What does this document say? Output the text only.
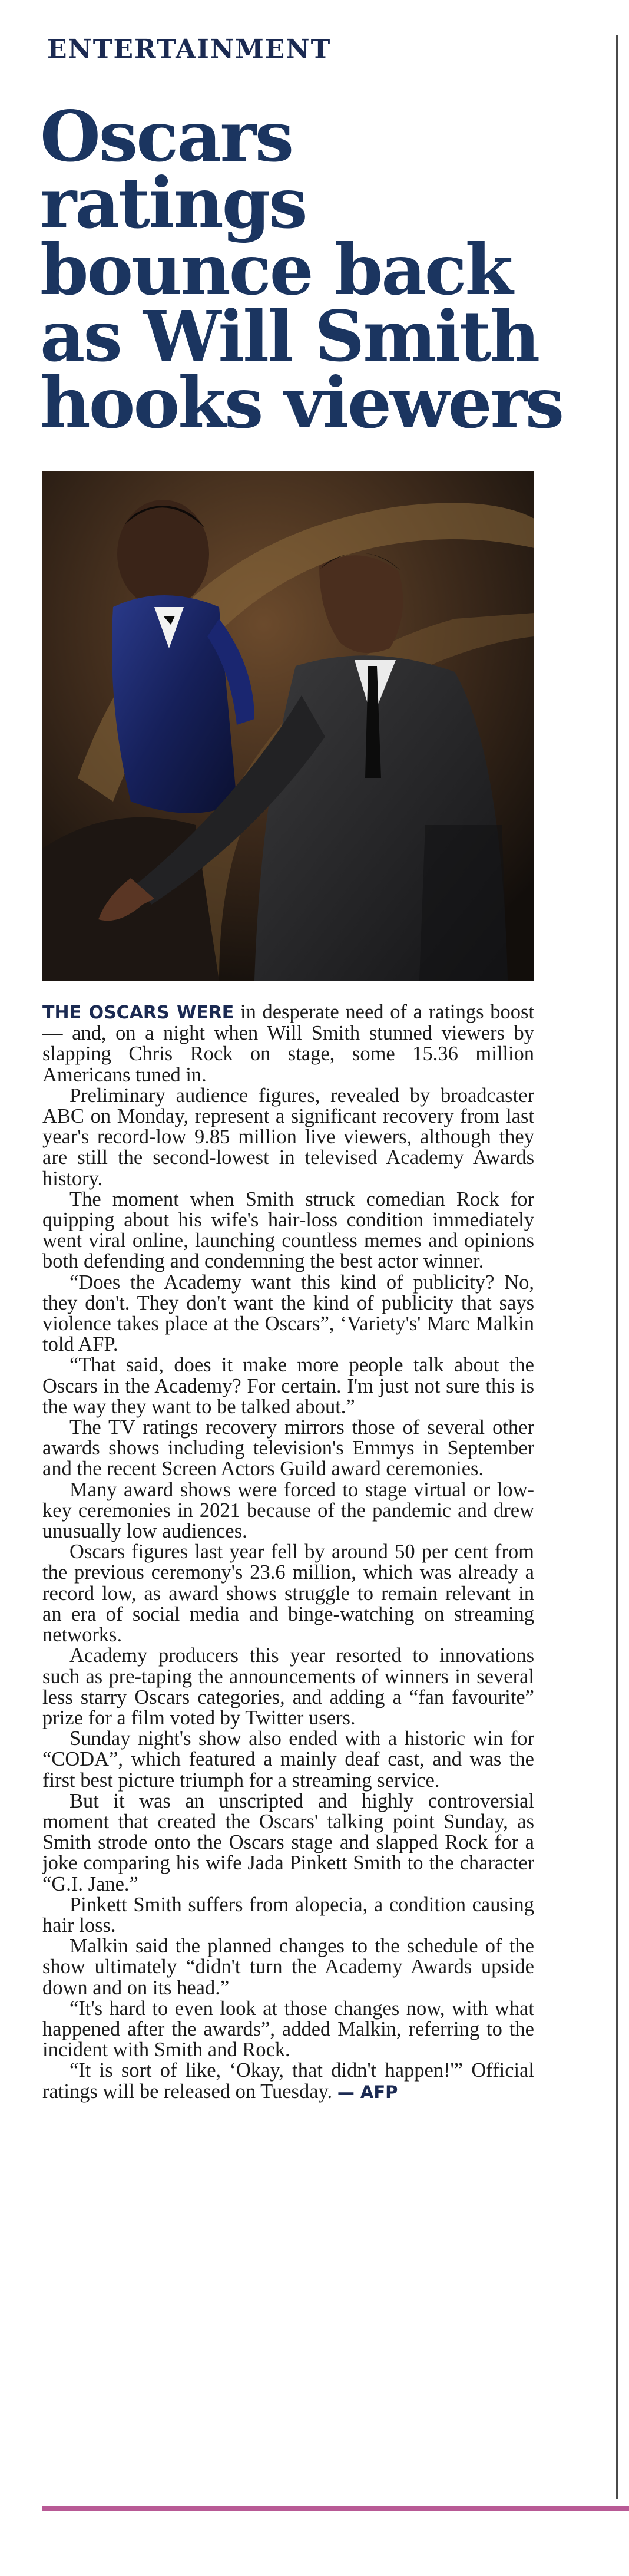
ENTERTAINMENT
Oscars
ratings
bounce back
as Will Smith
hooks viewers

THE OSCARS WERE in desperate need of a ratings boost — and, on a night when Will Smith stunned viewers by slapping Chris Rock on stage, some 15.36 million Americans tuned in.

Preliminary audience figures, revealed by broadcaster ABC on Monday, represent a significant recovery from last year's record-low 9.85 million live viewers, although they are still the second-lowest in televised Academy Awards history.

The moment when Smith struck comedian Rock for quipping about his wife's hair-loss condition immediately went viral online, launching countless memes and opinions both defending and condemning the best actor winner.

“Does the Academy want this kind of publicity? No, they don't. They don't want the kind of publicity that says violence takes place at the Oscars”, ‘Variety's' Marc Malkin told AFP.

“That said, does it make more people talk about the Oscars in the Academy? For certain. I'm just not sure this is the way they want to be talked about.”

The TV ratings recovery mirrors those of several other awards shows including television's Emmys in September and the recent Screen Actors Guild award ceremonies.

Many award shows were forced to stage virtual or low-key ceremonies in 2021 because of the pandemic and drew unusually low audiences.

Oscars figures last year fell by around 50 per cent from the previous ceremony's 23.6 million, which was already a record low, as award shows struggle to remain relevant in an era of social media and binge-watching on streaming networks.

Academy producers this year resorted to innovations such as pre-taping the announcements of winners in several less starry Oscars categories, and adding a “fan favourite” prize for a film voted by Twitter users.

Sunday night's show also ended with a historic win for “CODA”, which featured a mainly deaf cast, and was the first best picture triumph for a streaming service.

But it was an unscripted and highly controversial moment that created the Oscars' talking point Sunday, as Smith strode onto the Oscars stage and slapped Rock for a joke comparing his wife Jada Pinkett Smith to the character “G.I. Jane.”

Pinkett Smith suffers from alopecia, a condition causing hair loss.

Malkin said the planned changes to the schedule of the show ultimately “didn't turn the Academy Awards upside down and on its head.”

“It's hard to even look at those changes now, with what happened after the awards”, added Malkin, referring to the incident with Smith and Rock.

“It is sort of like, ‘Okay, that didn't happen!'” Official ratings will be released on Tuesday. — AFP
